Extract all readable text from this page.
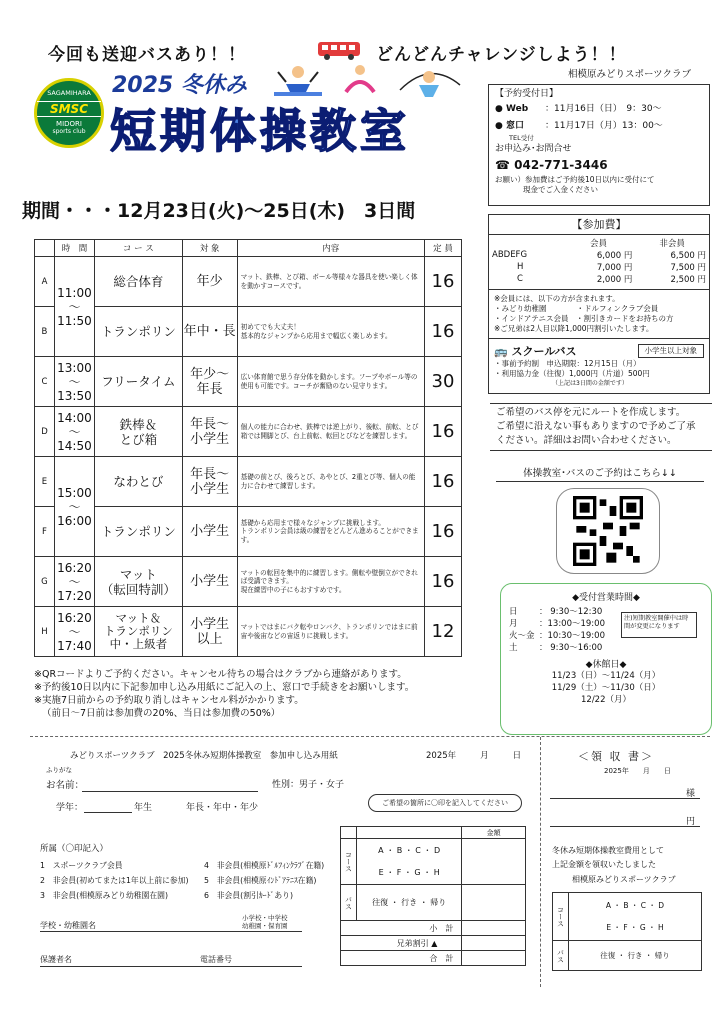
今回も送迎バスあり！！	どんどんチャレンジしよう！！
相模原みどりスポーツクラブ
SAGAMIHARA
SMSC
MIDORI
sports club
2025 冬休み
短期体操教室
【予約受付日】
● Web ：11月16日（日）　9：30～
● 窓口 ：11月17日（月）13：00～
TEL受付
お申込み･お問合せ
☎ 042-771-3446
お願い）参加費はご予約後10日以内に受付にて
現金でご入金ください
期間・・・12月23日(火)～25日(木)　3日間
	時　間	コ ー ス	対 象	内容	定 員
A	11:00
～
11:50	総合体育	年少	マット、鉄棒、とび箱、ボール等様々な器具を使い楽しく体を動かすコースです。	16
B		トランポリン	年中・長	初めてでも大丈夫！
基本的なジャンプから応用まで幅広く楽しめます。	16
C	13:00
～
13:50	フリータイム	年少～
年長	広い体育館で思う存分体を動かします。フープやボール等の使用も可能です。コーチが奮励のない見守ります。	30
D	14:00
～
14:50	鉄棒＆
とび箱	年長～
小学生	個人の能力に合わせ、鉄棒では逆上がり、後転、前転、とび箱では開脚とび、台上前転、転回とびなどを練習します。	16
E	15:00
～
16:00	なわとび	年長～
小学生	基礎の前とび、後ろとび、あやとび、2重とび等、個人の能力に合わせて練習します。	16
F		トランポリン	小学生	基礎から応用まで様々なジャンプに挑戦します。
トランポリン会員は級の練習をどんどん進めることができます。	16
G	16:20
～
17:20	マット
（転回特訓）	小学生	マットの転回を集中的に練習します。側転や壁倒立ができれば受講できます。
現在練習中の子にもおすすめです。	16
H	16:20
～
17:40	マット＆
トランポリン
中・上級者	小学生
以上	マットではまにバク転やロンバク、トランポリンではまに前宙や後宙などの宙返りに挑戦します。	12
※QRコードよりご予約ください。キャンセル待ちの場合はクラブから連絡があります。
※予約後10日以内に下記参加申し込み用紙にご記入の上、窓口で手続きをお願いします。
※実施7日前からの予約取り消しはキャンセル料がかかります。
（前日～7日前は参加費の20%、当日は参加費の50%）
【参加費】
	会員	非会員
ABDEFG	6,000 円	6,500 円
H	7,000 円	7,500 円
C	2,000 円	2,500 円
※会員には、以下の方が含まれます。
・みどり幼稚園　　　　・ドルフィンクラブ会員
・インドアテニス会員　・割引きカードをお持ちの方
※ご兄弟は2人目以降1,000円割引いたします。
🚌 スクールバス	小学生以上対象
・事前予約制　申込期限：12月15日（月）
・利用協力金（往復）1,000円（片道）500円
（上記は3日間の金額です）
ご希望のバス停を元にルートを作成します。
ご希望に沿えない事もありますので予めご了承
ください。詳細はお問い合わせください。
体操教室･バスのご予約はこちら↓↓
◆受付営業時間◆
日	： 9:30～12:30
月	：13:00～19:00
火～金 ：10:30～19:00
土	： 9:30～16:00
注)短期教室開催中は時間が変更になります
◆休館日◆
11/23（日）～11/24（月）
11/29（土）～11/30（日）
12/22（月）
みどりスポーツクラブ　2025冬休み短期体操教室　参加申し込み用紙	2025年	月	日
ふりがな
お名前：	性別：男子・女子
学年：	年生	年長・年中・年少	ご希望の箇所に〇印を記入してください
所属（〇印記入）
1　スポーツクラブ会員
2　非会員(初めてまたは1年以上前に参加)
3　非会員(相模原みどり幼稚園在園)
4　非会員(相模原ﾄﾞﾙﾌｨﾝｸﾗﾌﾞ在籍)
5　非会員(相模原ｲﾝﾄﾞｱﾃﾆｽ在籍)
6　非会員(割引ｶｰﾄﾞあり)
学校・幼稚園名
小学校・中学校
幼稚園・保育園
保護者名	電話番号
		金額
コース	A ・ B ・ C ・ D
E ・ F ・ G ・ H	

バス	往復 ・ 行き ・ 帰り	
小　計		
兄弟割引 ▲		
合　計		
＜領 収 書＞
2025年 月 日
様
円
冬休み短期体操教室費用として
上記金額を領収いたしました
相模原みどりスポーツクラブ
コース	A ・ B ・ C ・ D
E ・ F ・ G ・ H

バス	往復 ・ 行き ・ 帰り
